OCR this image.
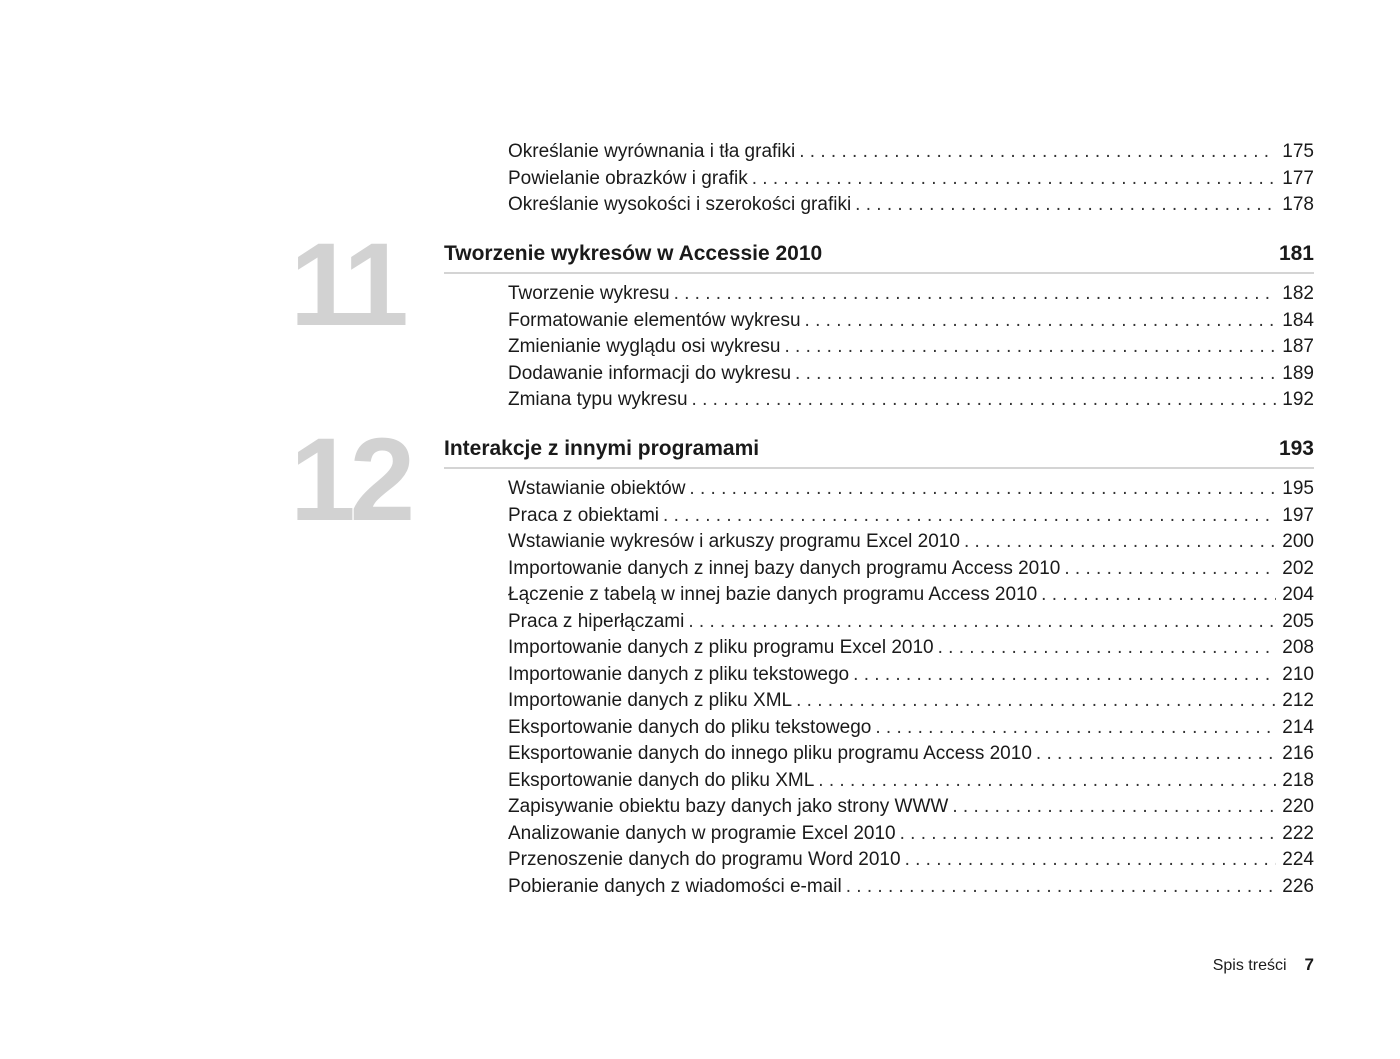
Określanie wyrównania i tła grafiki . . .	175
Powielanie obrazków i grafik . . .	177
Określanie wysokości i szerokości grafiki . . .	178
11 Tworzenie wykresów w Accessie 2010	181
Tworzenie wykresu . . .	182
Formatowanie elementów wykresu . . .	184
Zmienianie wyglądu osi wykresu . . .	187
Dodawanie informacji do wykresu . . .	189
Zmiana typu wykresu . . .	192
12 Interakcje z innymi programami	193
Wstawianie obiektów . . .	195
Praca z obiektami . . .	197
Wstawianie wykresów i arkuszy programu Excel 2010 . . .	200
Importowanie danych z innej bazy danych programu Access 2010 . . .	202
Łączenie z tabelą w innej bazie danych programu Access 2010 . . .	204
Praca z hiperłączami . . .	205
Importowanie danych z pliku programu Excel 2010 . . .	208
Importowanie danych z pliku tekstowego . . .	210
Importowanie danych z pliku XML . . .	212
Eksportowanie danych do pliku tekstowego . . .	214
Eksportowanie danych do innego pliku programu Access 2010 . . .	216
Eksportowanie danych do pliku XML . . .	218
Zapisywanie obiektu bazy danych jako strony WWW . . .	220
Analizowanie danych w programie Excel 2010 . . .	222
Przenoszenie danych do programu Word 2010 . . .	224
Pobieranie danych z wiadomości e-mail . . .	226
Spis treści 7
